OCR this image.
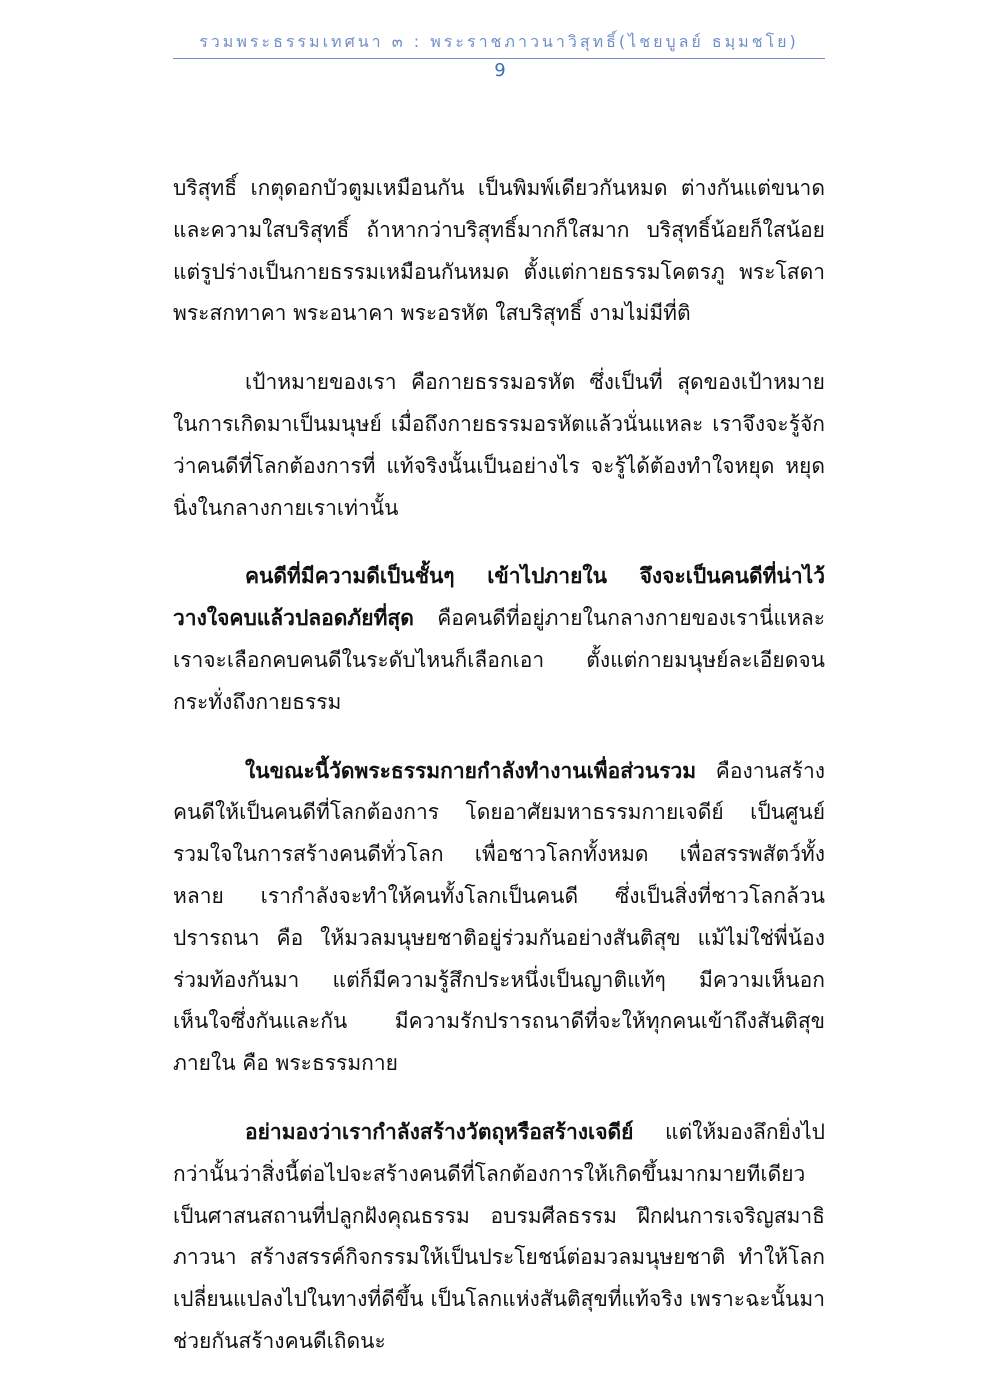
รวมพระธรรมเทศนา ๓ : พระราชภาวนาวิสุทธิ์(ไชยบูลย์ ธมฺมชโย)
9

บริสุทธิ์ เกตุดอกบัวตูมเหมือนกัน เป็นพิมพ์เดียวกันหมด ต่างกันแต่ขนาดและความใสบริสุทธิ์ ถ้าหากว่าบริสุทธิ์มากก็ใสมาก บริสุทธิ์น้อยก็ใสน้อย แต่รูปร่างเป็นกายธรรมเหมือนกันหมด ตั้งแต่กายธรรมโคตรภู พระโสดา พระสกทาคา พระอนาคา พระอรหัต ใสบริสุทธิ์ งามไม่มีที่ติ

เป้าหมายของเรา คือกายธรรมอรหัต ซึ่งเป็นที่ สุดของเป้าหมายในการเกิดมาเป็นมนุษย์ เมื่อถึงกายธรรมอรหัตแล้วนั่นแหละ เราจึงจะรู้จักว่าคนดีที่โลกต้องการที่ แท้จริงนั้นเป็นอย่างไร จะรู้ได้ต้องทำใจหยุด หยุดนิ่งในกลางกายเราเท่านั้น

คนดีที่มีความดีเป็นชั้นๆ เข้าไปภายใน จึงจะเป็นคนดีที่น่าไว้วางใจคบแล้วปลอดภัยที่สุด คือคนดีที่อยู่ภายในกลางกายของเรานี่แหละ เราจะเลือกคบคนดีในระดับไหนก็เลือกเอา ตั้งแต่กายมนุษย์ละเอียดจนกระทั่งถึงกายธรรม

ในขณะนี้วัดพระธรรมกายกำลังทำงานเพื่อส่วนรวม คืองานสร้างคนดีให้เป็นคนดีที่โลกต้องการ โดยอาศัยมหาธรรมกายเจดีย์ เป็นศูนย์รวมใจในการสร้างคนดีทั่วโลก เพื่อชาวโลกทั้งหมด เพื่อสรรพสัตว์ทั้งหลาย เรากำลังจะทำให้คนทั้งโลกเป็นคนดี ซึ่งเป็นสิ่งที่ชาวโลกล้วนปรารถนา คือ ให้มวลมนุษยชาติอยู่ร่วมกันอย่างสันติสุข แม้ไม่ใช่พี่น้องร่วมท้องกันมา แต่ก็มีความรู้สึกประหนึ่งเป็นญาติแท้ๆ มีความเห็นอกเห็นใจซึ่งกันและกัน มีความรักปรารถนาดีที่จะให้ทุกคนเข้าถึงสันติสุขภายใน คือ พระธรรมกาย

อย่ามองว่าเรากำลังสร้างวัตถุหรือสร้างเจดีย์ แต่ให้มองลึกยิ่งไปกว่านั้นว่าสิ่งนี้ต่อไปจะสร้างคนดีที่โลกต้องการให้เกิดขึ้นมากมายทีเดียว เป็นศาสนสถานที่ปลูกฝังคุณธรรม อบรมศีลธรรม ฝึกฝนการเจริญสมาธิภาวนา สร้างสรรค์กิจกรรมให้เป็นประโยชน์ต่อมวลมนุษยชาติ ทำให้โลกเปลี่ยนแปลงไปในทางที่ดีขึ้น เป็นโลกแห่งสันติสุขที่แท้จริง เพราะฉะนั้นมาช่วยกันสร้างคนดีเถิดนะ
